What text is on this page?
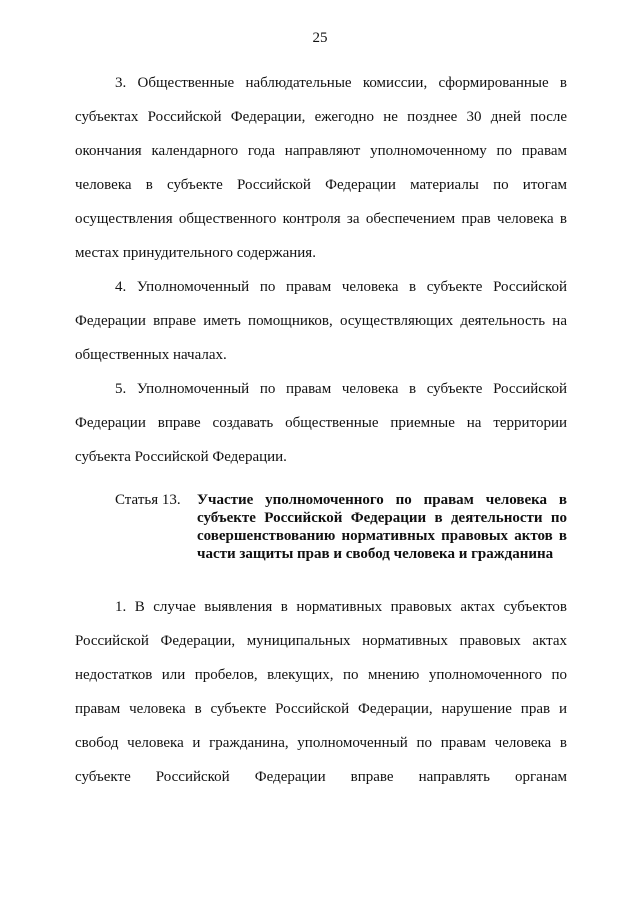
25

3. Общественные наблюдательные комиссии, сформированные в субъектах Российской Федерации, ежегодно не позднее 30 дней после окончания календарного года направляют уполномоченному по правам человека в субъекте Российской Федерации материалы по итогам осуществления общественного контроля за обеспечением прав человека в местах принудительного содержания.

4. Уполномоченный по правам человека в субъекте Российской Федерации вправе иметь помощников, осуществляющих деятельность на общественных началах.

5. Уполномоченный по правам человека в субъекте Российской Федерации вправе создавать общественные приемные на территории субъекта Российской Федерации.

Статья 13.	Участие уполномоченного по правам человека в субъекте Российской Федерации в деятельности по совершенствованию нормативных правовых актов в части защиты прав и свобод человека и гражданина

1. В случае выявления в нормативных правовых актах субъектов Российской Федерации, муниципальных нормативных правовых актах недостатков или пробелов, влекущих, по мнению уполномоченного по правам человека в субъекте Российской Федерации, нарушение прав и свобод человека и гражданина, уполномоченный по правам человека в субъекте Российской Федерации вправе направлять органам
